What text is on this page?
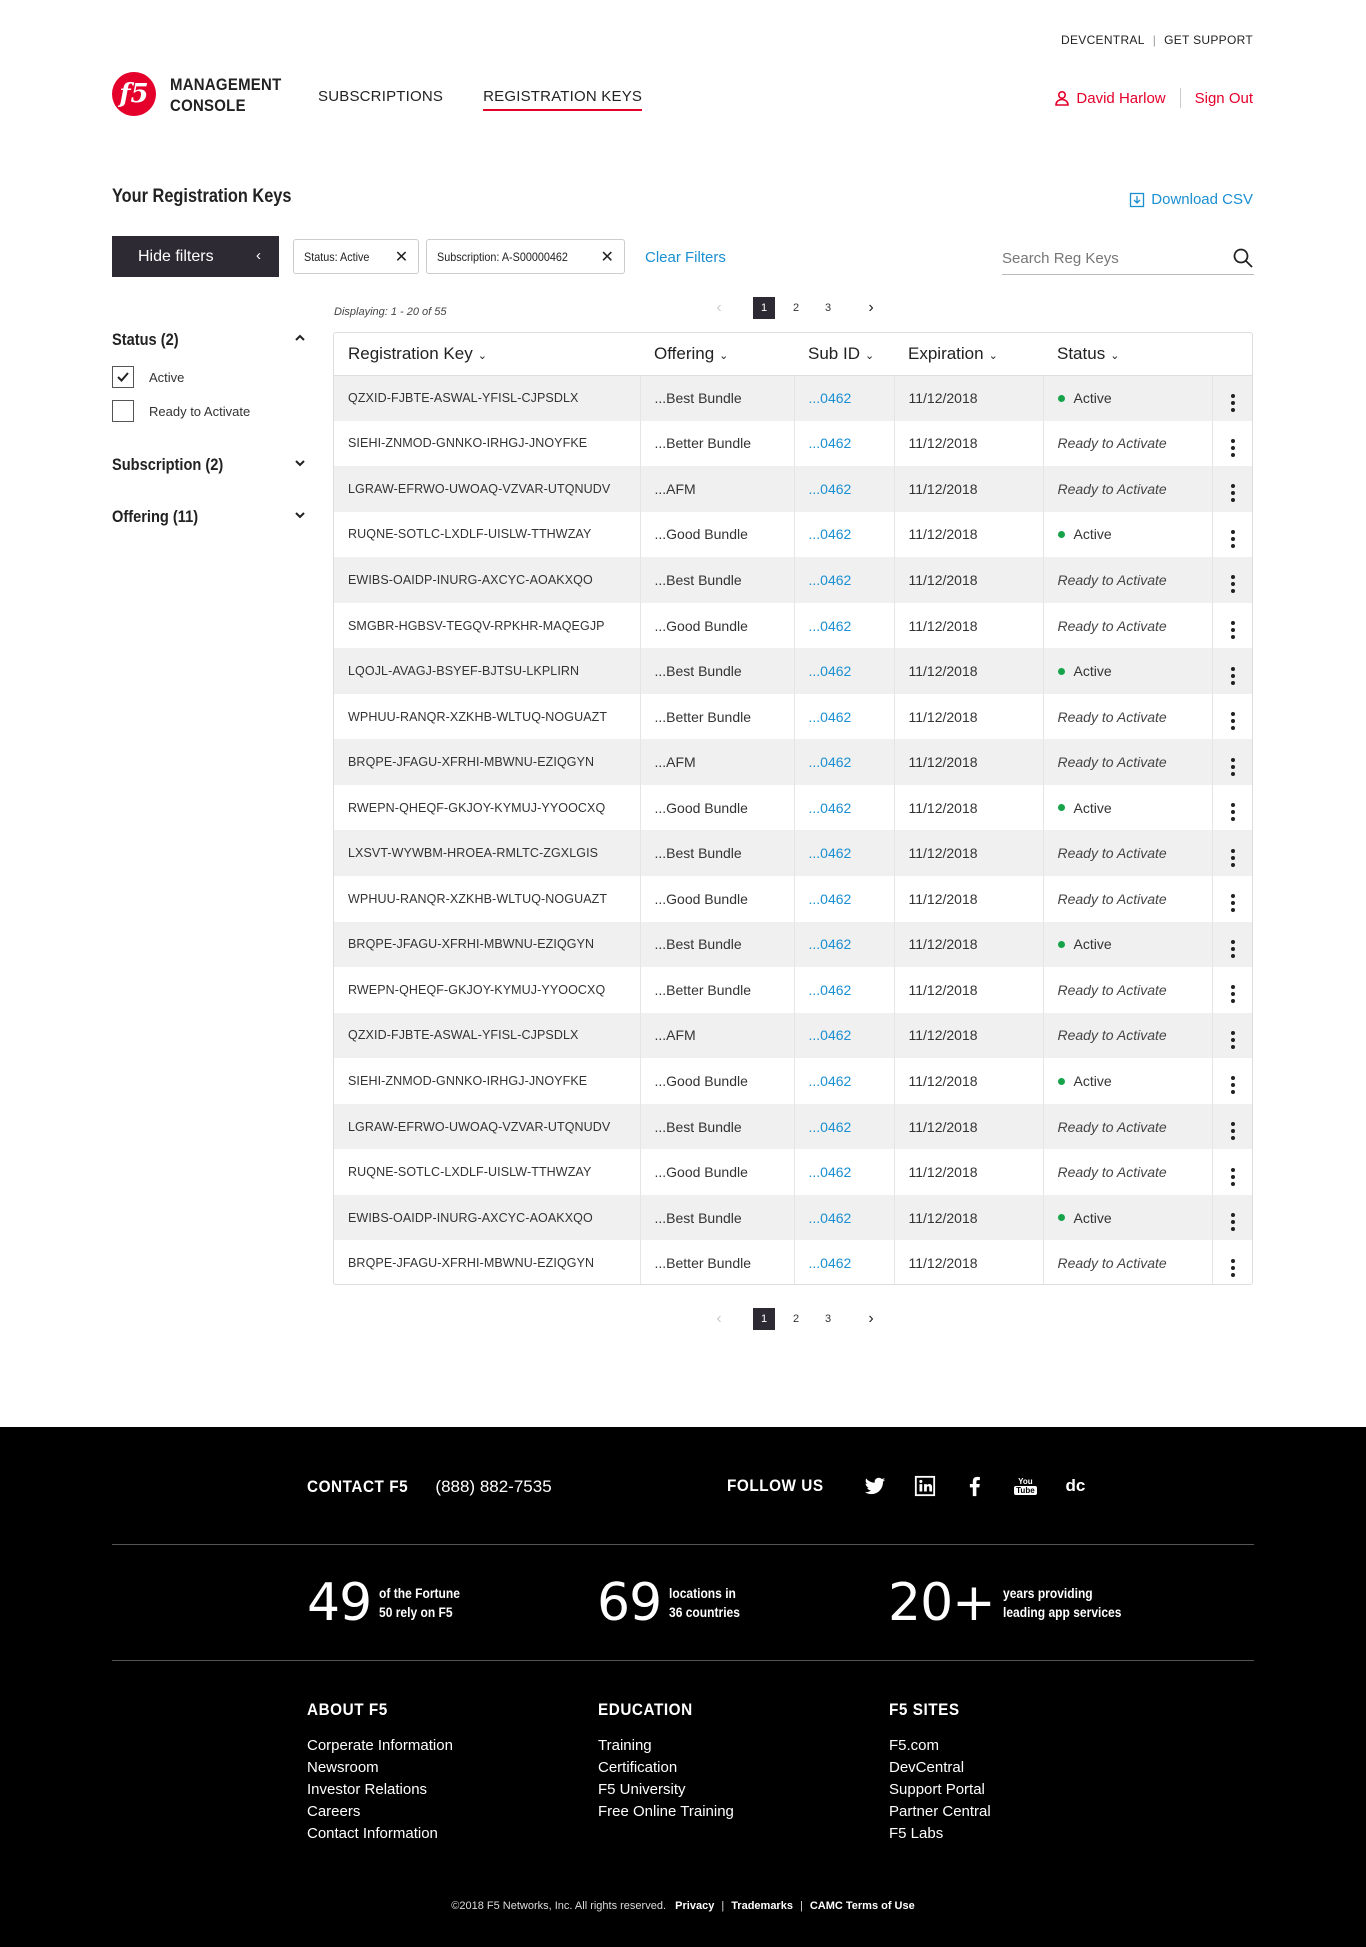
DEVCENTRAL | GET SUPPORT
f5 MANAGEMENT
CONSOLE	SUBSCRIPTIONS	REGISTRATION KEYS	David Harlow Sign Out
Your Registration Keys	Download CSV
Hide filters	‹	Status: Active ✕ Subscription: A-S00000462 ✕ Clear Filters
Search Reg Keys
Status (2)
Active
Ready to Activate
Subscription (2)
Offering (11)
Displaying: 1 - 20 of 55	‹	1	2	3	›
Registration Key ⌄	Offering ⌄	Sub ID ⌄	Expiration ⌄	Status ⌄	
QZXID-FJBTE-ASWAL-YFISL-CJPSDLX	...Best Bundle	...0462	11/12/2018	Active	

SIEHI-ZNMOD-GNNKO-IRHGJ-JNOYFKE	...Better Bundle	...0462	11/12/2018	Ready to Activate	

LGRAW-EFRWO-UWOAQ-VZVAR-UTQNUDV	...AFM	...0462	11/12/2018	Ready to Activate	

RUQNE-SOTLC-LXDLF-UISLW-TTHWZAY	...Good Bundle	...0462	11/12/2018	Active	

EWIBS-OAIDP-INURG-AXCYC-AOAKXQO	...Best Bundle	...0462	11/12/2018	Ready to Activate	

SMGBR-HGBSV-TEGQV-RPKHR-MAQEGJP	...Good Bundle	...0462	11/12/2018	Ready to Activate	

LQOJL-AVAGJ-BSYEF-BJTSU-LKPLIRN	...Best Bundle	...0462	11/12/2018	Active	

WPHUU-RANQR-XZKHB-WLTUQ-NOGUAZT	...Better Bundle	...0462	11/12/2018	Ready to Activate	

BRQPE-JFAGU-XFRHI-MBWNU-EZIQGYN	...AFM	...0462	11/12/2018	Ready to Activate	

RWEPN-QHEQF-GKJOY-KYMUJ-YYOOCXQ	...Good Bundle	...0462	11/12/2018	Active	

LXSVT-WYWBM-HROEA-RMLTC-ZGXLGIS	...Best Bundle	...0462	11/12/2018	Ready to Activate	

WPHUU-RANQR-XZKHB-WLTUQ-NOGUAZT	...Good Bundle	...0462	11/12/2018	Ready to Activate	

BRQPE-JFAGU-XFRHI-MBWNU-EZIQGYN	...Best Bundle	...0462	11/12/2018	Active	

RWEPN-QHEQF-GKJOY-KYMUJ-YYOOCXQ	...Better Bundle	...0462	11/12/2018	Ready to Activate	

QZXID-FJBTE-ASWAL-YFISL-CJPSDLX	...AFM	...0462	11/12/2018	Ready to Activate	

SIEHI-ZNMOD-GNNKO-IRHGJ-JNOYFKE	...Good Bundle	...0462	11/12/2018	Active	

LGRAW-EFRWO-UWOAQ-VZVAR-UTQNUDV	...Best Bundle	...0462	11/12/2018	Ready to Activate	

RUQNE-SOTLC-LXDLF-UISLW-TTHWZAY	...Good Bundle	...0462	11/12/2018	Ready to Activate	

EWIBS-OAIDP-INURG-AXCYC-AOAKXQO	...Best Bundle	...0462	11/12/2018	Active	

BRQPE-JFAGU-XFRHI-MBWNU-EZIQGYN	...Better Bundle	...0462	11/12/2018	Ready to Activate	
‹	1	2	3	›
CONTACT F5 (888) 882-7535	FOLLOW US	You
Tube dc
49 of the Fortune
50 rely on F5	69 locations in
36 countries	20+ years providing
leading app services
ABOUT F5
Corperate Information
Newsroom
Investor Relations
Careers
Contact Information
EDUCATION
Training
Certification
F5 University
Free Online Training
F5 SITES
F5.com
DevCentral
Support Portal
Partner Central
F5 Labs
©2018 F5 Networks, Inc. All rights reserved. Privacy | Trademarks | CAMC Terms of Use
